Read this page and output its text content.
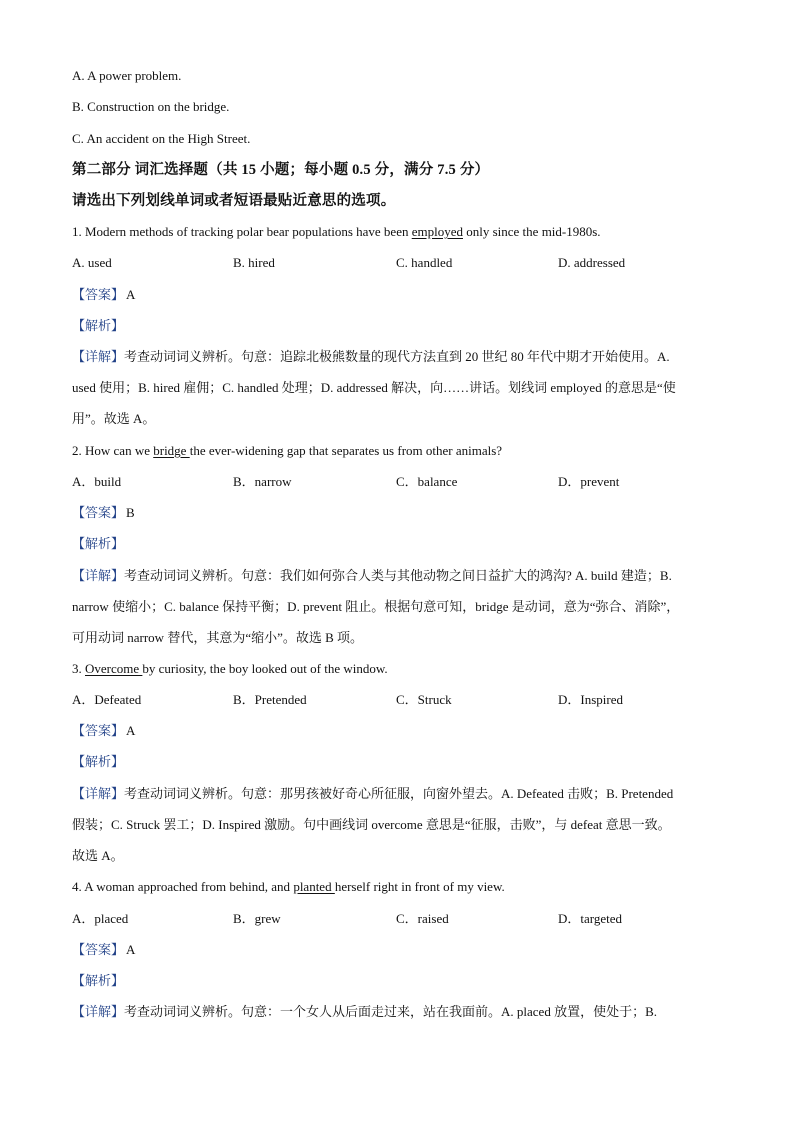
A. A power problem.
B. Construction on the bridge.
C. An accident on the High Street.
第二部分 词汇选择题（共 15 小题；每小题 0.5 分，满分 7.5 分）
请选出下列划线单词或者短语最贴近意思的选项。
1. Modern methods of tracking polar bear populations have been employed only since the mid-1980s.
A. used	B. hired	C. handled	D. addressed
【答案】 A
【解析】
【详解】考查动词词义辨析。句意：追踪北极熊数量的现代方法直到 20 世纪 80 年代中期才开始使用。A.
used 使用；B. hired 雇佣；C. handled 处理；D. addressed 解决，向……讲话。划线词 employed 的意思是“使
用”。故选 A。
2. How can we bridge the ever-widening gap that separates us from other animals?
A．build	B．narrow	C．balance	D．prevent
【答案】 B
【解析】
【详解】考查动词词义辨析。句意：我们如何弥合人类与其他动物之间日益扩大的鸿沟? A. build 建造；B.
narrow 使缩小；C. balance 保持平衡；D. prevent 阻止。根据句意可知，bridge 是动词，意为“弥合、消除”，
可用动词 narrow 替代，其意为“缩小”。故选 B 项。
3. Overcome by curiosity, the boy looked out of the window.
A．Defeated	B．Pretended	C．Struck	D．Inspired
【答案】 A
【解析】
【详解】考查动词词义辨析。句意：那男孩被好奇心所征服，向窗外望去。A. Defeated 击败；B. Pretended
假装；C. Struck 罢工；D. Inspired 激励。句中画线词 overcome 意思是“征服，击败”，与 defeat 意思一致。
故选 A。
4. A woman approached from behind, and planted herself right in front of my view.
A．placed	B．grew	C．raised	D．targeted
【答案】 A
【解析】
【详解】考查动词词义辨析。句意：一个女人从后面走过来，站在我面前。A. placed 放置，使处于；B.
